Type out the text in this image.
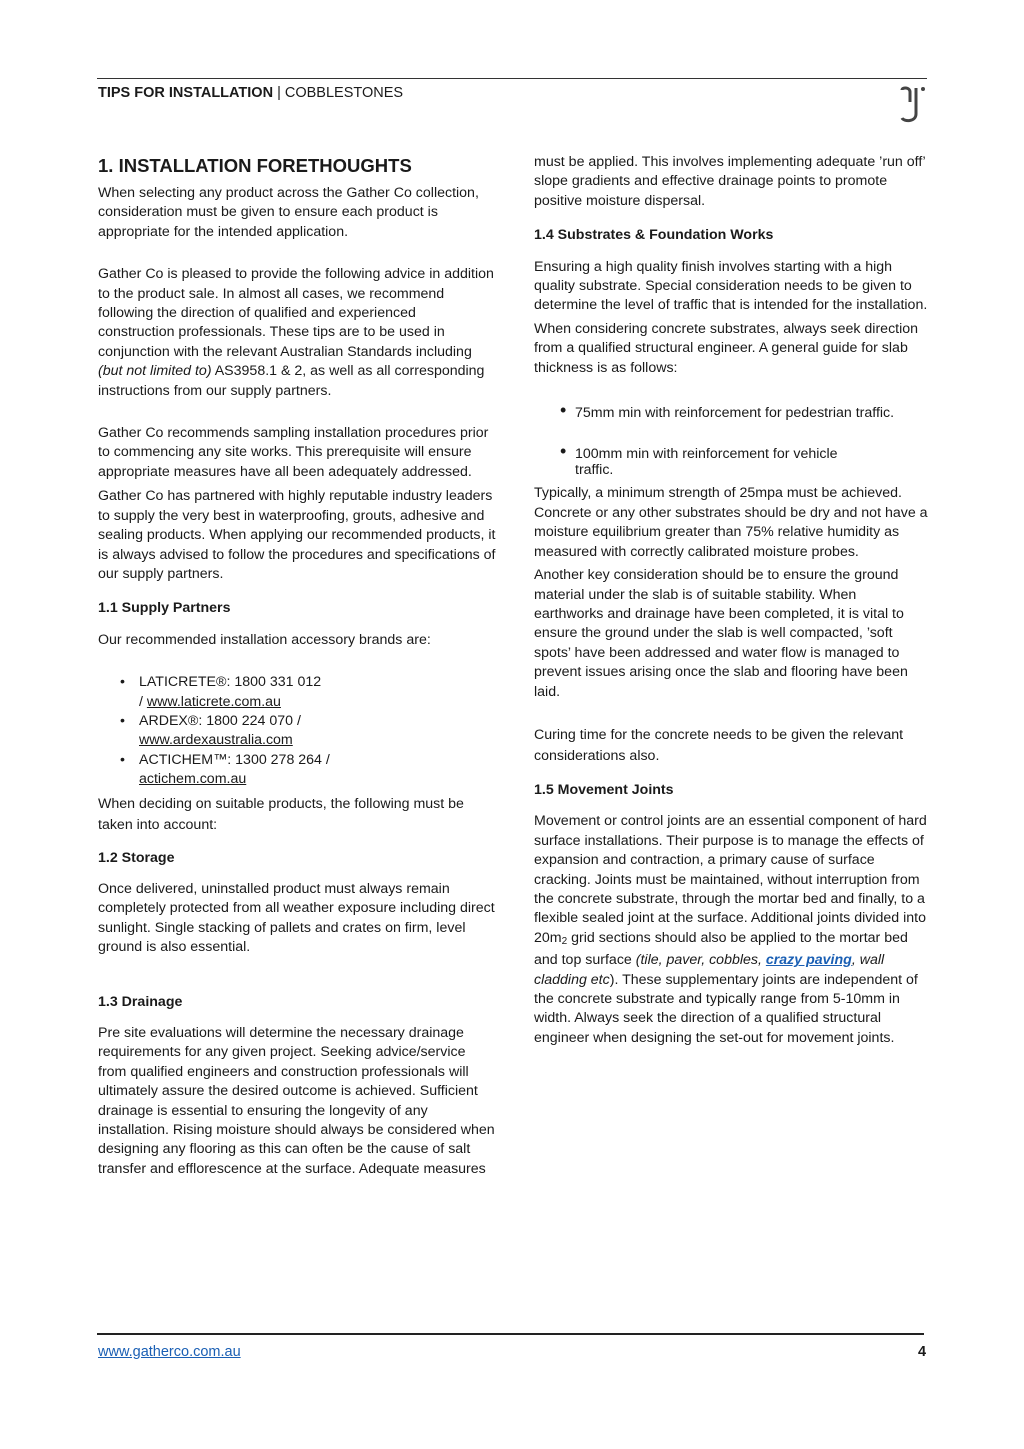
TIPS FOR INSTALLATION | COBBLESTONES
1. INSTALLATION FORETHOUGHTS

When selecting any product across the Gather Co collection, consideration must be given to ensure each product is appropriate for the intended application.

Gather Co is pleased to provide the following advice in addition to the product sale. In almost all cases, we recommend following the direction of qualified and experienced construction professionals. These tips are to be used in conjunction with the relevant Australian Standards including (but not limited to) AS3958.1 & 2, as well as all corresponding instructions from our supply partners.

Gather Co recommends sampling installation procedures prior to commencing any site works. This prerequisite will ensure appropriate measures have all been adequately addressed.

Gather Co has partnered with highly reputable industry leaders to supply the very best in waterproofing, grouts, adhesive and sealing products. When applying our recommended products, it is always advised to follow the procedures and specifications of our supply partners.

1.1 Supply Partners

Our recommended installation accessory brands are:

• LATICRETE®: 1800 331 012
/ www.laticrete.com.au
• ARDEX®: 1800 224 070 /
www.ardexaustralia.com
• ACTICHEM™: 1300 278 264 /
actichem.com.au

When deciding on suitable products, the following must be taken into account:

1.2 Storage

Once delivered, uninstalled product must always remain completely protected from all weather exposure including direct sunlight. Single stacking of pallets and crates on firm, level ground is also essential.

1.3 Drainage

Pre site evaluations will determine the necessary drainage requirements for any given project. Seeking advice/service from qualified engineers and construction professionals will ultimately assure the desired outcome is achieved. Sufficient drainage is essential to ensuring the longevity of any installation. Rising moisture should always be considered when designing any flooring as this can often be the cause of salt transfer and efflorescence at the surface. Adequate measures

must be applied. This involves implementing adequate ’run off’ slope gradients and effective drainage points to promote positive moisture dispersal.

1.4 Substrates & Foundation Works

Ensuring a high quality finish involves starting with a high quality substrate. Special consideration needs to be given to determine the level of traffic that is intended for the installation.

When considering concrete substrates, always seek direction from a qualified structural engineer. A general guide for slab thickness is as follows:

• 75mm min with reinforcement for pedestrian traffic.
• 100mm min with reinforcement for vehicle traffic.

Typically, a minimum strength of 25mpa must be achieved. Concrete or any other substrates should be dry and not have a moisture equilibrium greater than 75% relative humidity as measured with correctly calibrated moisture probes.

Another key consideration should be to ensure the ground material under the slab is of suitable stability. When earthworks and drainage have been completed, it is vital to ensure the ground under the slab is well compacted, ’soft spots’ have been addressed and water flow is managed to prevent issues arising once the slab and flooring have been laid.

Curing time for the concrete needs to be given the relevant considerations also.

1.5 Movement Joints

Movement or control joints are an essential component of hard surface installations. Their purpose is to manage the effects of expansion and contraction, a primary cause of surface cracking. Joints must be maintained, without interruption from the concrete substrate, through the mortar bed and finally, to a flexible sealed joint at the surface. Additional joints divided into $20m_2$ grid sections should also be applied to the mortar bed and top surface (tile, paver, cobbles, crazy paving, wall cladding etc). These supplementary joints are independent of the concrete substrate and typically range from 5-10mm in width. Always seek the direction of a qualified structural engineer when designing the set-out for movement joints.

www.gatherco.com.au	4
